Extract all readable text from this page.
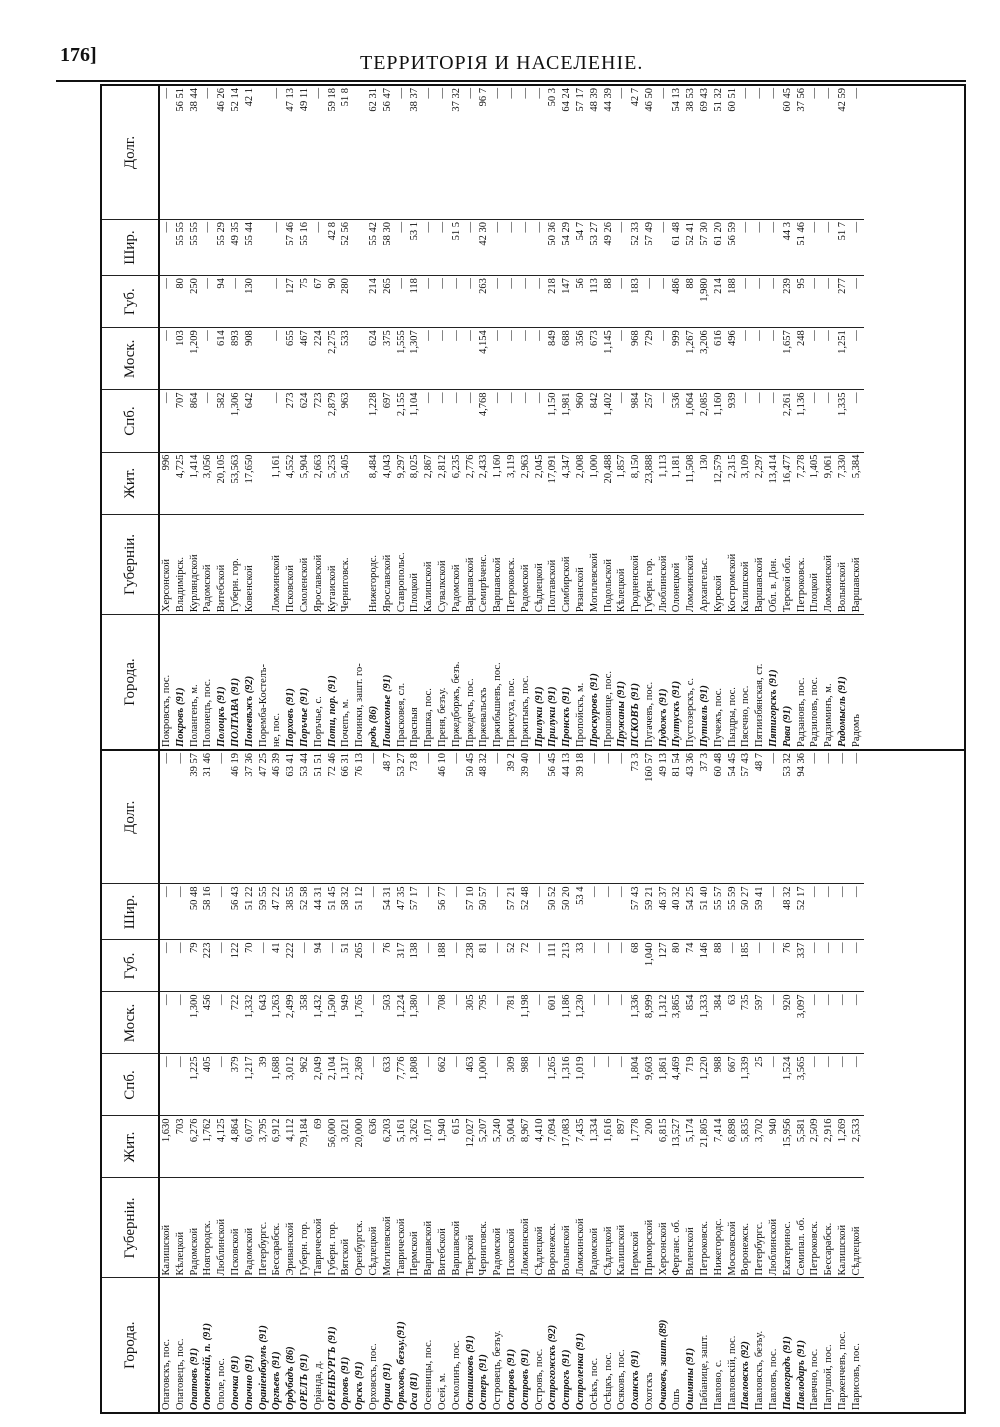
176]	ТЕРРИТОРІЯ И НАСЕЛЕНІЕ.
Города.	Губерніи.	Жит.	Спб.	Моск.	Губ.	Шир.	Долг.
Опатовскъ, пос.	Калишской	1,630	—	—	—	—	—
Опатовецъ, пос.	Кѣлецкой	703	—	—	—	—	—
Опатовъ (91)	Радомской	6,276	1,225	1,300	79	50 48	39 57
Опоченскій, п. (91)	Новгородск.	1,762	405	456	223	58 16	31 46
Ополе, пос.	Люблинской	4,125	—	—	—	—	—
Опочка (91)	Псковской	4,864	379	722	122	56 43	46 19
Опочно (91)	Радомской	6,077	1,217	1,332	70	51 22	37 36
Ораніенбаумъ (91)	Петербургс.	3,795	39	643	—	59 55	47 25
Оргѣевъ (91)	Бессарабск.	6,912	1,688	1,263	41	47 22	46 39
Ордубадъ (86)	Эриванской	4,112	3,012	2,499	222	38 55	63 41
ОРЕЛЪ (91)	Губерн. гор.	79,184	962	358	—	52 58	53 44
Оріанда, д.	Таврической	69	2,049	1,432	94	44 31	51 51
ОРЕНБУРГЪ (91)	Губерн. гор.	56,000	2,104	1,500	—	51 45	72 46
Орловъ (91)	Вятской	3,021	1,317	949	51	58 32	66 31
Орскъ (91)	Оренбургск.	20,000	2,369	1,765	265	51 12	76 13
Орховскъ, пос.	Сѣдлецкой	636	—	—	—	—	—
Орша (91)	Могилевской	6,203	633	503	76	54 31	48 7
Орѣховъ, безъу.(91)	Таврической	5,161	7,776	1,224	317	47 35	53 27
Оса (81)	Пермской	3,262	1,808	1,380	138	57 17	73 8
Осенницы, пос.	Варшавской	1,071	—	—	—	—	—
Осей, м.	Витебской	1,940	662	708	188	56 77	46 10
Осмолинъ, пос.	Варшавской	615	—	—	—	—	—
Осташковъ (91)	Тверской	12,027	463	305	238	57 10	50 45
Остеръ (91)	Черниговск.	5,207	1,000	795	81	50 57	48 32
Островецъ, безъу.	Радомской	5,240	—	—	—	—	—
Островъ (91)	Псковской	5,004	309	781	52	57 21	39 2
Островъ (91)	Ломжинской	8,967	988	1,198	72	52 48	39 40
Островъ, пос.	Сѣдлецкой	4,410	—	—	—	—	—
Острогожскъ (92)	Воронежск.	7,094	1,265	601	111	50 52	56 45
Острогъ (91)	Волынской	17,083	1,316	1,186	213	50 20	44 13
Остроленка (91)	Ломжинской	7,435	1,019	1,230	33	53 4	39 18
Осѣкъ, пос.	Радомской	1,334	—	—	—	—	—
Осѣцкъ, пос.	Сѣдлецкой	1,616	—	—	—	—	—
Осяковъ, пос.	Калишской	897	—	—	—	—	—
Оханскъ (91)	Пермской	1,778	1,804	1,336	68	57 43	73 3
Охотскъ	Приморской	200	9,603	8,999	1,040	59 21	160 57
Очаковъ, зашт.(89)	Херсонской	6,815	1,861	1,312	127	46 37	49 13
Ошъ	Ферганс. об.	13,527	4,469	3,865	80	40 32	81 54
Ошмяны (91)	Виленской	5,174	719	854	74	54 25	43 36
Пабіанице, зашт.	Петроковск.	21,805	1,220	1,333	146	51 40	37 3
Павлово, с.	Нижегородс.	7,414	988	384	88	55 57	60 48
Павловскій, пос.	Московской	6,898	667	63	—	55 59	54 45
Павловскъ (92)	Воронежск.	5,835	1,339	735	185	50 27	57 43
Павловскъ, безъу.	Петербургс.	3,702	25	597	—	59 41	48 7
Павловъ, пос.	Люблинской	940	—	—	—	—	—
Павлоградъ (91)	Екатеринос.	15,956	1,524	920	76	48 32	53 32
Павлодаръ (91)	Семипал. об.	5,581	3,565	3,097	337	52 17	94 36
Паевчно, пос.	Петроковск.	2,509	—	—	—	—	—
Папушой, пос.	Бессарабск.	2,916	—	—	—	—	—
Парженчевъ, пос.	Калишской	1,269	—	—	—	—	—
Парисовъ, пос.	Сѣдлецкой	2,533	—	—	—	—	—
Города.	Губерніи.	Жит.	Спб.	Моск.	Губ.	Шир.	Долг.
Покровскъ, пос.	Херсонской	996	—	—	—	—	—
Покровъ (91)	Владимірск.	4,725	707	103	80	55 55	56 51
Полангенъ, м.	Курляндской	1,414	864	1,209	250	55 55	38 44
Полонецъ, пос.	Радомской	3,056	—	—	—	—	—
Полоцкъ (91)	Витебской	20,105	582	614	94	55 29	46 26
ПОЛТАВА (91)	Губерн. гор.	53,563	1,306	893	—	49 35	52 14
Поневѣжъ (92)	Ковенской	17,650	642	908	130	55 44	42 1
Поремба-Костелъ-							
не, пос.	Ломжинской	1,161	—	—	—	—	—
Порховъ (91)	Псковской	4,552	273	655	127	57 46	47 13
Поръчье (91)	Смоленской	5,904	624	467	75	55 16	49 11
Поръчье, с.	Ярославской	2,663	723	224	67	—	—
Поти, пор. (91)	Кутаиской	5,253	2,879	2,275	90	42 8	59 18
Почепъ, м.	Черниговск.	5,405	963	533	280	52 56	51 8
Починки, зашт. го-							
родъ (86)	Нижегородс.	8,484	1,228	624	214	55 42	62 31
Пошехонье (91)	Ярославской	4,043	697	375	265	58 30	56 47
Прасковея, сл.	Ставропольс.	9,297	2,155	1,555	—	—	—
Прасныя	Плоцкой	8,025	1,104	1,307	118	53 1	38 37
Прашка, пос.	Калишской	2,867	—	—	—	—	—
Преня, безъу.	Сувалкской	2,812	—	—	—	—	—
Пржедборжъ, безъ.	Радомской	6,235	—	—	—	51 5	37 32
Пржедечъ, пос.	Варшавской	2,776	—	—	—	—	—
Пржевальскъ	Семирѣченс.	2,433	4,768	4,154	263	42 30	96 7
Пржибышевъ, пос.	Варшавской	1,160	—	—	—	—	—
Пржисуха, пос.	Петроковск.	3,119	—	—	—	—	—
Пржитыкъ, пос.	Радомской	2,963	—	—	—	—	—
Прилуки (91)	Сѣдлецкой	2,045	—	—	—	—	—
Прилуки (91)	Полтавской	17,091	1,150	849	218	50 36	50 3
Пронскъ (91)	Симбирской	4,347	1,981	688	147	54 29	64 24
Пропойскъ, м.	Рязанской	2,008	960	356	56	54 7	57 17
Проскуровъ (91)	Могилевской	1,000	842	673	113	53 27	48 39
Прошовице, пос.	Подольской	20,488	1,402	1,145	88	49 26	44 39
Пружаны (91)	Кѣлецкой	1,857	—	—	—	—	—
ПСКОВЪ (91)	Гродненской	8,150	984	968	183	52 33	42 7
Пугачевъ, пос.	Губерн. гор.	23,888	257	729	—	57 49	46 50
Пудожъ (91)	Люблинской	1,113	—	—	—	—	—
Пултускъ (91)	Олонецкой	1,181	536	999	486	61 48	54 13
Пустозерскъ, с.	Ломжинской	11,508	1,064	1,267	88	52 41	38 53
Путивль (91)	Архангельс.	130	2,085	3,206	1,980	57 30	69 43
Пучежъ, пос.	Курской	12,579	1,160	616	214	61 20	51 32
Пыздры, пос.	Костромской	2,315	939	496	188	56 59	60 51
Пясечно, пос.	Калишской	3,109	—	—	—	—	—
Пятиизбянская, ст.	Варшавской	2,297	—	—	—	—	—
Пятигорскъ (91)	Обл. в. Дон.	13,414	—	—	—	—	—
Рава (91)	Терской обл.	16,477	2,261	1,657	239	44 3	60 45
Радзановъ, пос.	Петроковск.	7,278	1,136	248	95	51 46	37 56
Радзиловъ, пос.	Плоцкой	1,405	—	—	—	—	—
Радзиминъ, м.	Ломжинской	9,061	—	—	—	—	—
Радомысль (91)	Волынской	7,330	1,335	1,251	277	51 7	42 59
Радомъ	Варшавской	5,384	—	—	—	—	—
